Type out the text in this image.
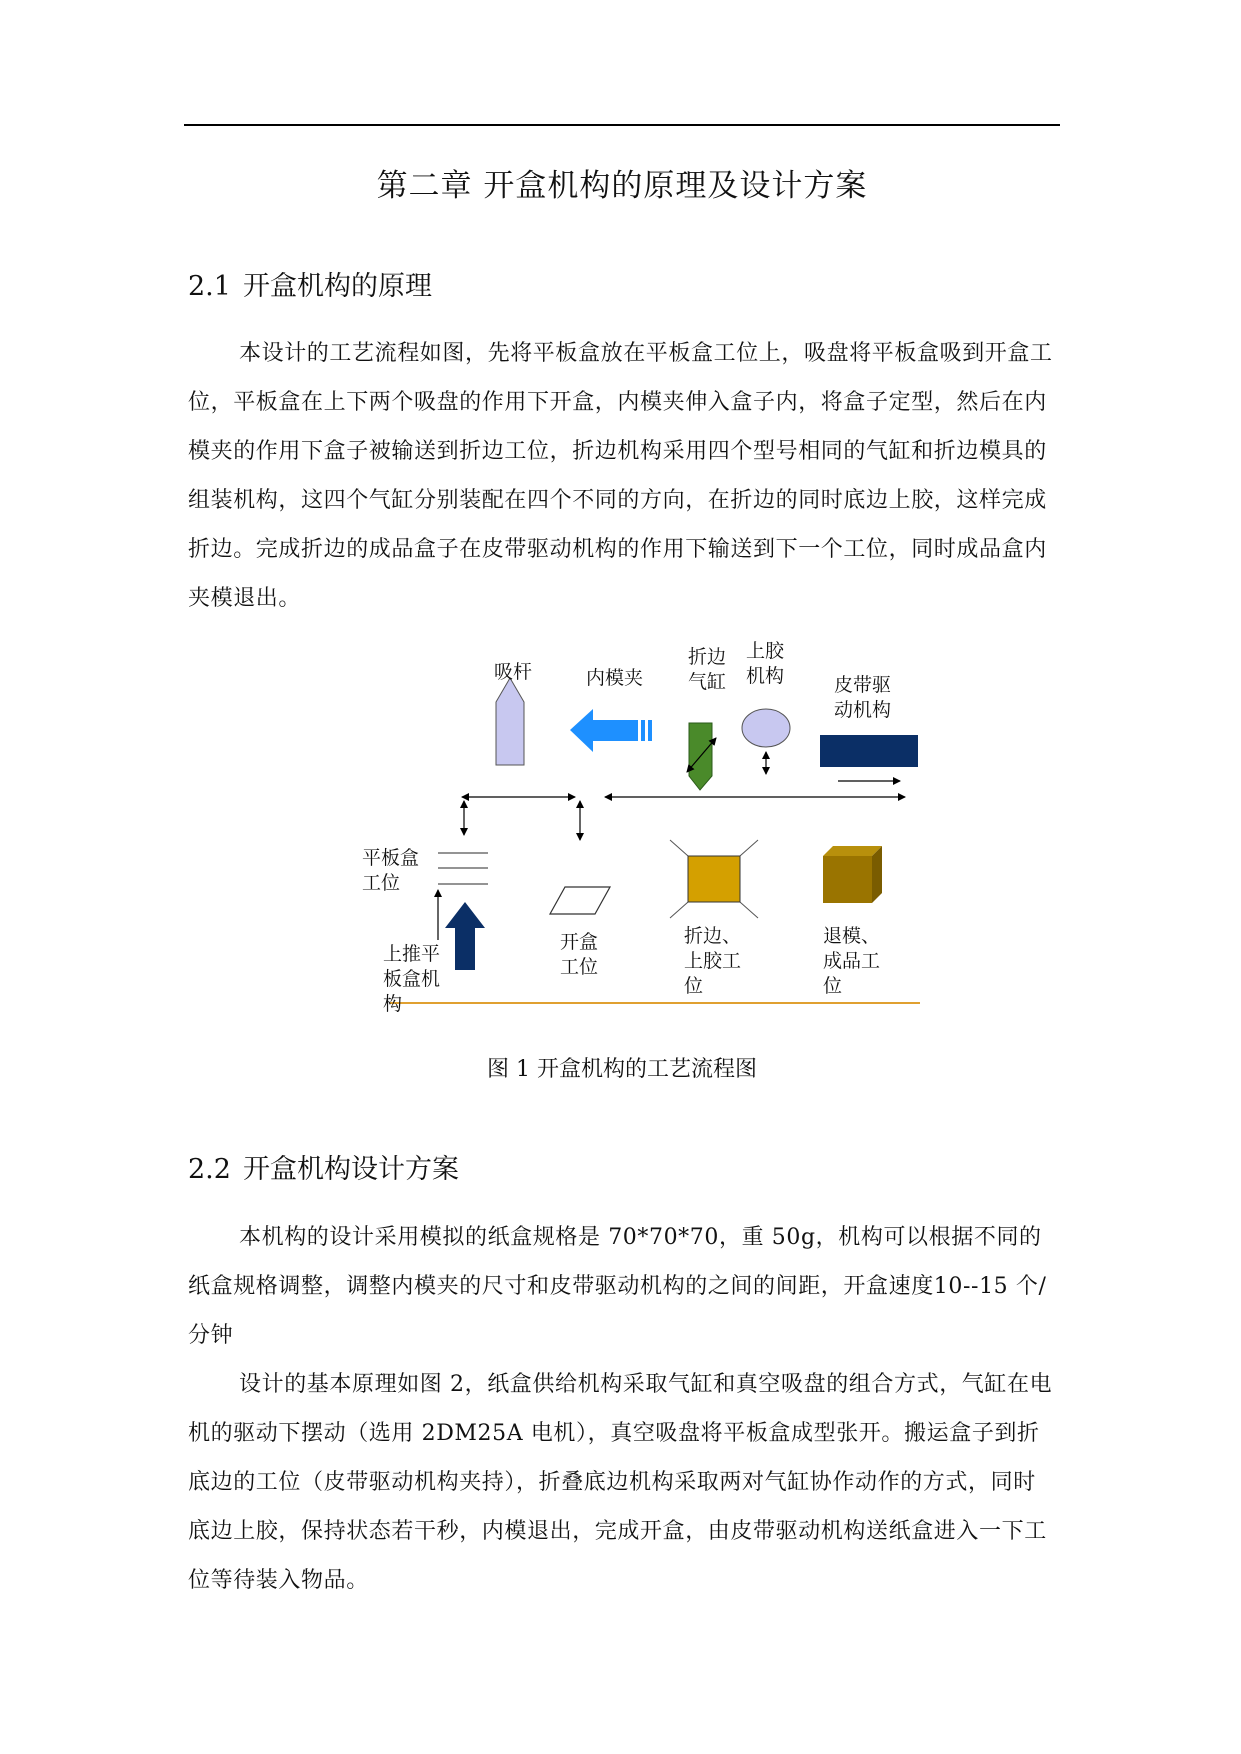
第二章 开盒机构的原理及设计方案
2.1 开盒机构的原理

本设计的工艺流程如图，先将平板盒放在平板盒工位上，吸盘将平板盒吸到开盒工位，平板盒在上下两个吸盘的作用下开盒，内模夹伸入盒子内，将盒子定型，然后在内模夹的作用下盒子被输送到折边工位，折边机构采用四个型号相同的气缸和折边模具的组装机构，这四个气缸分别装配在四个不同的方向，在折边的同时底边上胶，这样完成折边。完成折边的成品盒子在皮带驱动机构的作用下输送到下一个工位，同时成品盒内夹模退出。

吸杆	内模夹
折边
气缸
上胶
机构	皮带驱
动机构
平板盒
工位
上推平
板盒机
构
开盒
工位
折边、
上胶工
位
退模、
成品工
位
图 1 开盒机构的工艺流程图
2.2 开盒机构设计方案

本机构的设计采用模拟的纸盒规格是 70*70*70，重 50g，机构可以根据不同的纸盒规格调整，调整内模夹的尺寸和皮带驱动机构的之间的间距，开盒速度10--15 个/分钟

设计的基本原理如图 2，纸盒供给机构采取气缸和真空吸盘的组合方式，气缸在电机的驱动下摆动（选用 2DM25A 电机），真空吸盘将平板盒成型张开。搬运盒子到折底边的工位（皮带驱动机构夹持），折叠底边机构采取两对气缸协作动作的方式，同时底边上胶，保持状态若干秒，内模退出，完成开盒，由皮带驱动机构送纸盒进入一下工位等待装入物品。
